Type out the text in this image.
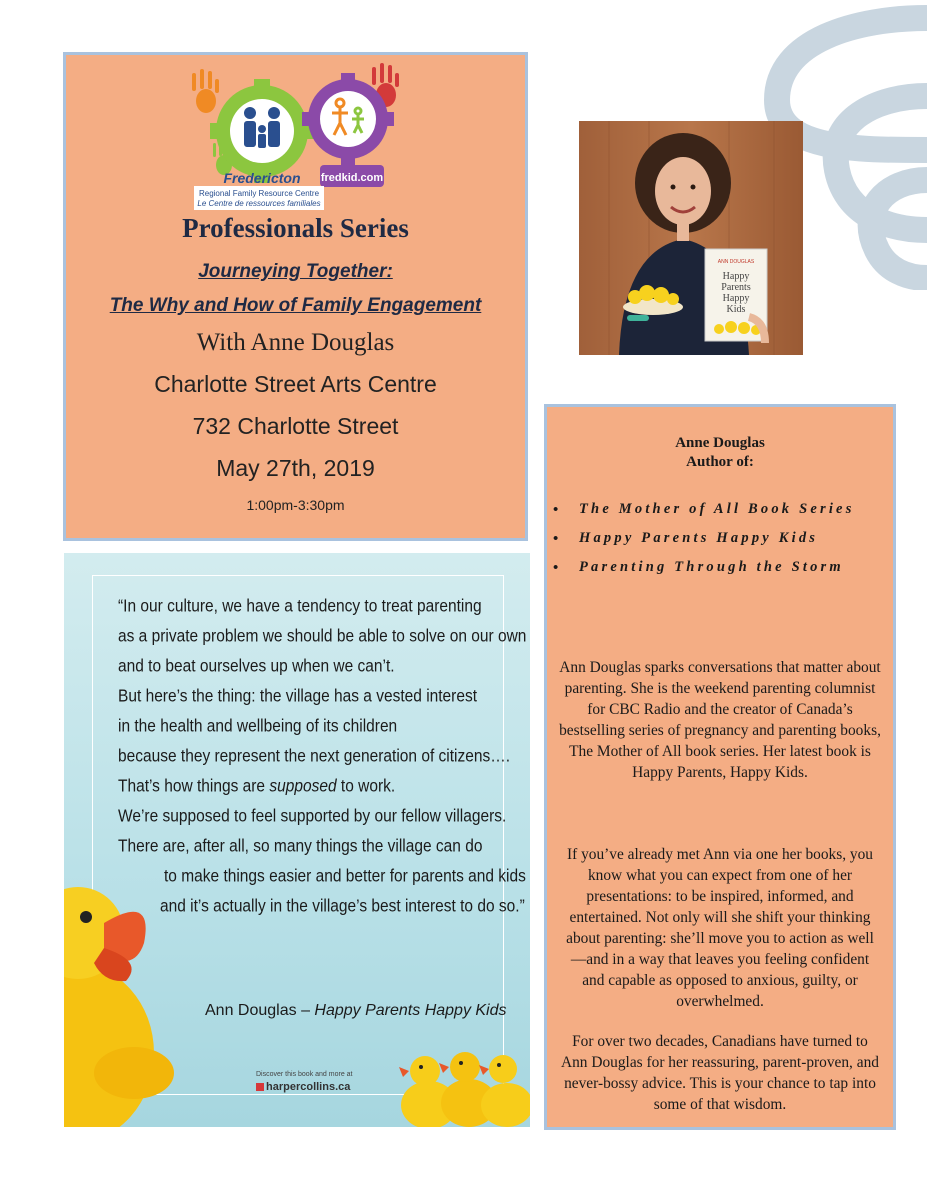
fredkid.com
Fredericton
Regional Family Resource Centre
Le Centre de ressources familiales
Professionals Series
Journeying Together:
The Why and How of Family Engagement
With Anne Douglas
Charlotte Street Arts Centre
732 Charlotte Street
May 27th, 2019
1:00pm-3:30pm
ANN DOUGLAS
Happy
Parents
Happy
Kids
“In our culture, we have a tendency to treat parenting
as a private problem we should be able to solve on our own
and to beat ourselves up when we can’t.
But here’s the thing: the village has a vested interest
in the health and wellbeing of its children
because they represent the next generation of citizens….
That’s how things are supposed to work.
We’re supposed to feel supported by our fellow villagers.
There are, after all, so many things the village can do
to make things easier and better for parents and kids
and it’s actually in the village’s best interest to do so.”
Ann Douglas – Happy Parents Happy Kids
Discover this book and more at
harpercollins.ca
Anne Douglas
Author of:
• The Mother of All Book Series
• Happy Parents Happy Kids
• Parenting Through the Storm
Ann Douglas sparks conversations that matter about parenting. She is the weekend parenting columnist for CBC Radio and the creator of Canada’s bestselling series of pregnancy and parenting books, The Mother of All book series. Her latest book is Happy Parents, Happy Kids.
If you’ve already met Ann via one her books, you know what you can expect from one of her presentations: to be inspired, informed, and entertained. Not only will she shift your thinking about parenting: she’ll move you to action as well—and in a way that leaves you feeling confident and capable as opposed to anxious, guilty, or overwhelmed.
For over two decades, Canadians have turned to Ann Douglas for her reassuring, parent-proven, and never-bossy advice. This is your chance to tap into some of that wisdom.
